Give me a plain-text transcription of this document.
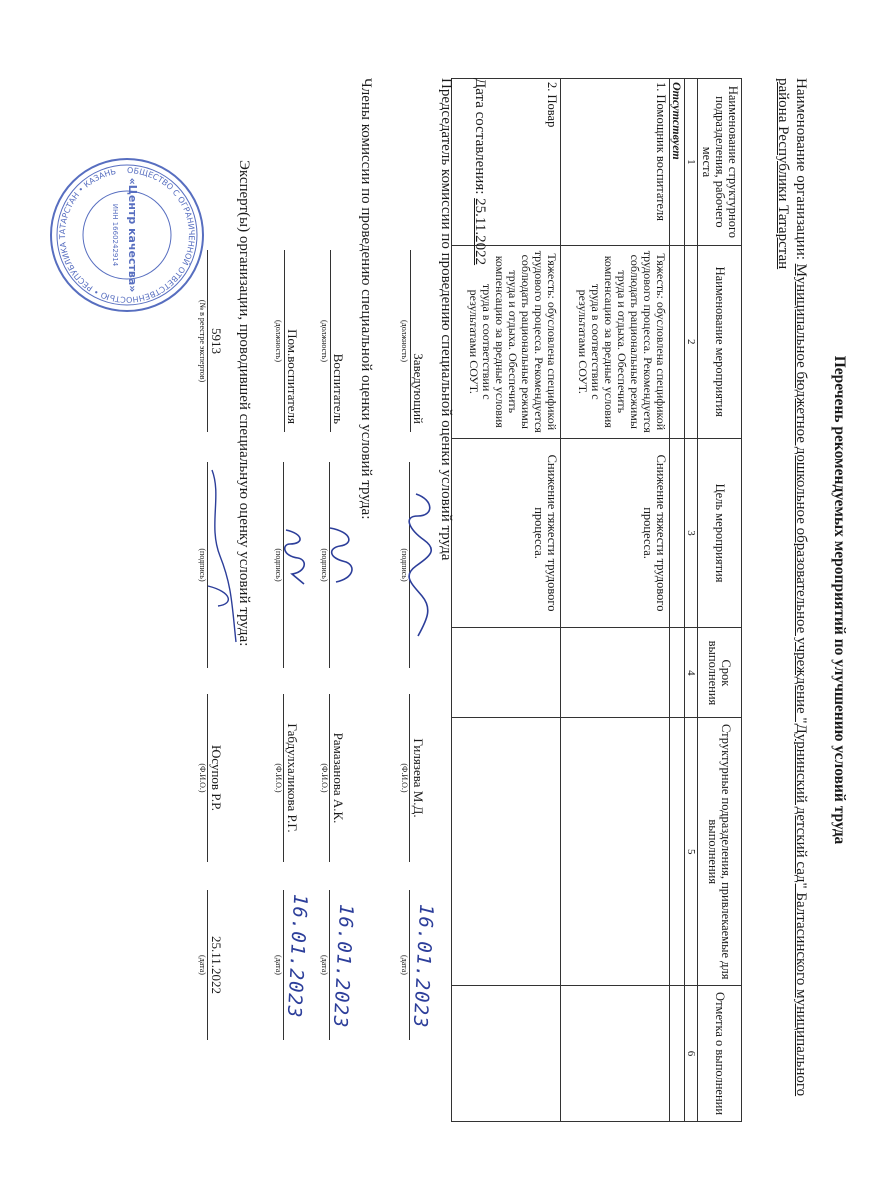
Перечень рекомендуемых мероприятий по улучшению условий труда
Наименование организации: Муниципальное бюджетное дошкольное образовательное учреждение "Дурнинский детский сад" Балтасинского муниципального района Республики Татарстан
Наименование структурного подразделения, рабочего места	Наименование мероприятия	Цель мероприятия	Срок выполнения	Структурные подразделения, привлекаемые для выполнения	Отметка о выполнении
1	2	3	4	5	6
Отсутствует					
1. Помощник воспитателя	Тяжесть: обусловлена спецификой трудового процесса. Рекомендуется соблюдать рациональные режимы труда и отдыха. Обеспечить компенсацию за вредные условия труда в соответствии с результатами СОУТ.	Снижение тяжести трудового процесса.			
2. Повар	Тяжесть: обусловлена спецификой трудового процесса. Рекомендуется соблюдать рациональные режимы труда и отдыха. Обеспечить компенсацию за вредные условия труда в соответствии с результатами СОУТ.	Снижение тяжести трудового процесса.			
Дата составления: 25.11.2022
Председатель комиссии по проведению специальной оценки условий труда
Заведующий
(должность)
(подпись)
Гилязева М.Д.
(Ф.И.О.)
16.01.2023
(дата)
Члены комиссии по проведению специальной оценки условий труда:
Воспитатель
(должность)
(подпись)
Рамазанова А.К.
(Ф.И.О.)
16.01.2023
(дата)
Пом.воспитателя
(должность)
(подпись)
Габдулхаликова Р.Г.
(Ф.И.О.)
16.01.2023
(дата)
Эксперт(ы) организации, проводившей специальную оценку условий труда:
5913
(№ в реестре экспертов)
(подпись)
Юсупов Р.Р.
(Ф.И.О.)
25.11.2022
(дата)
ОБЩЕСТВО С ОГРАНИЧЕННОЙ ОТВЕТСТВЕННОСТЬЮ • РЕСПУБЛИКА ТАТАРСТАН • КАЗАНЬ
«Центр качества»
ИНН 1660242914
